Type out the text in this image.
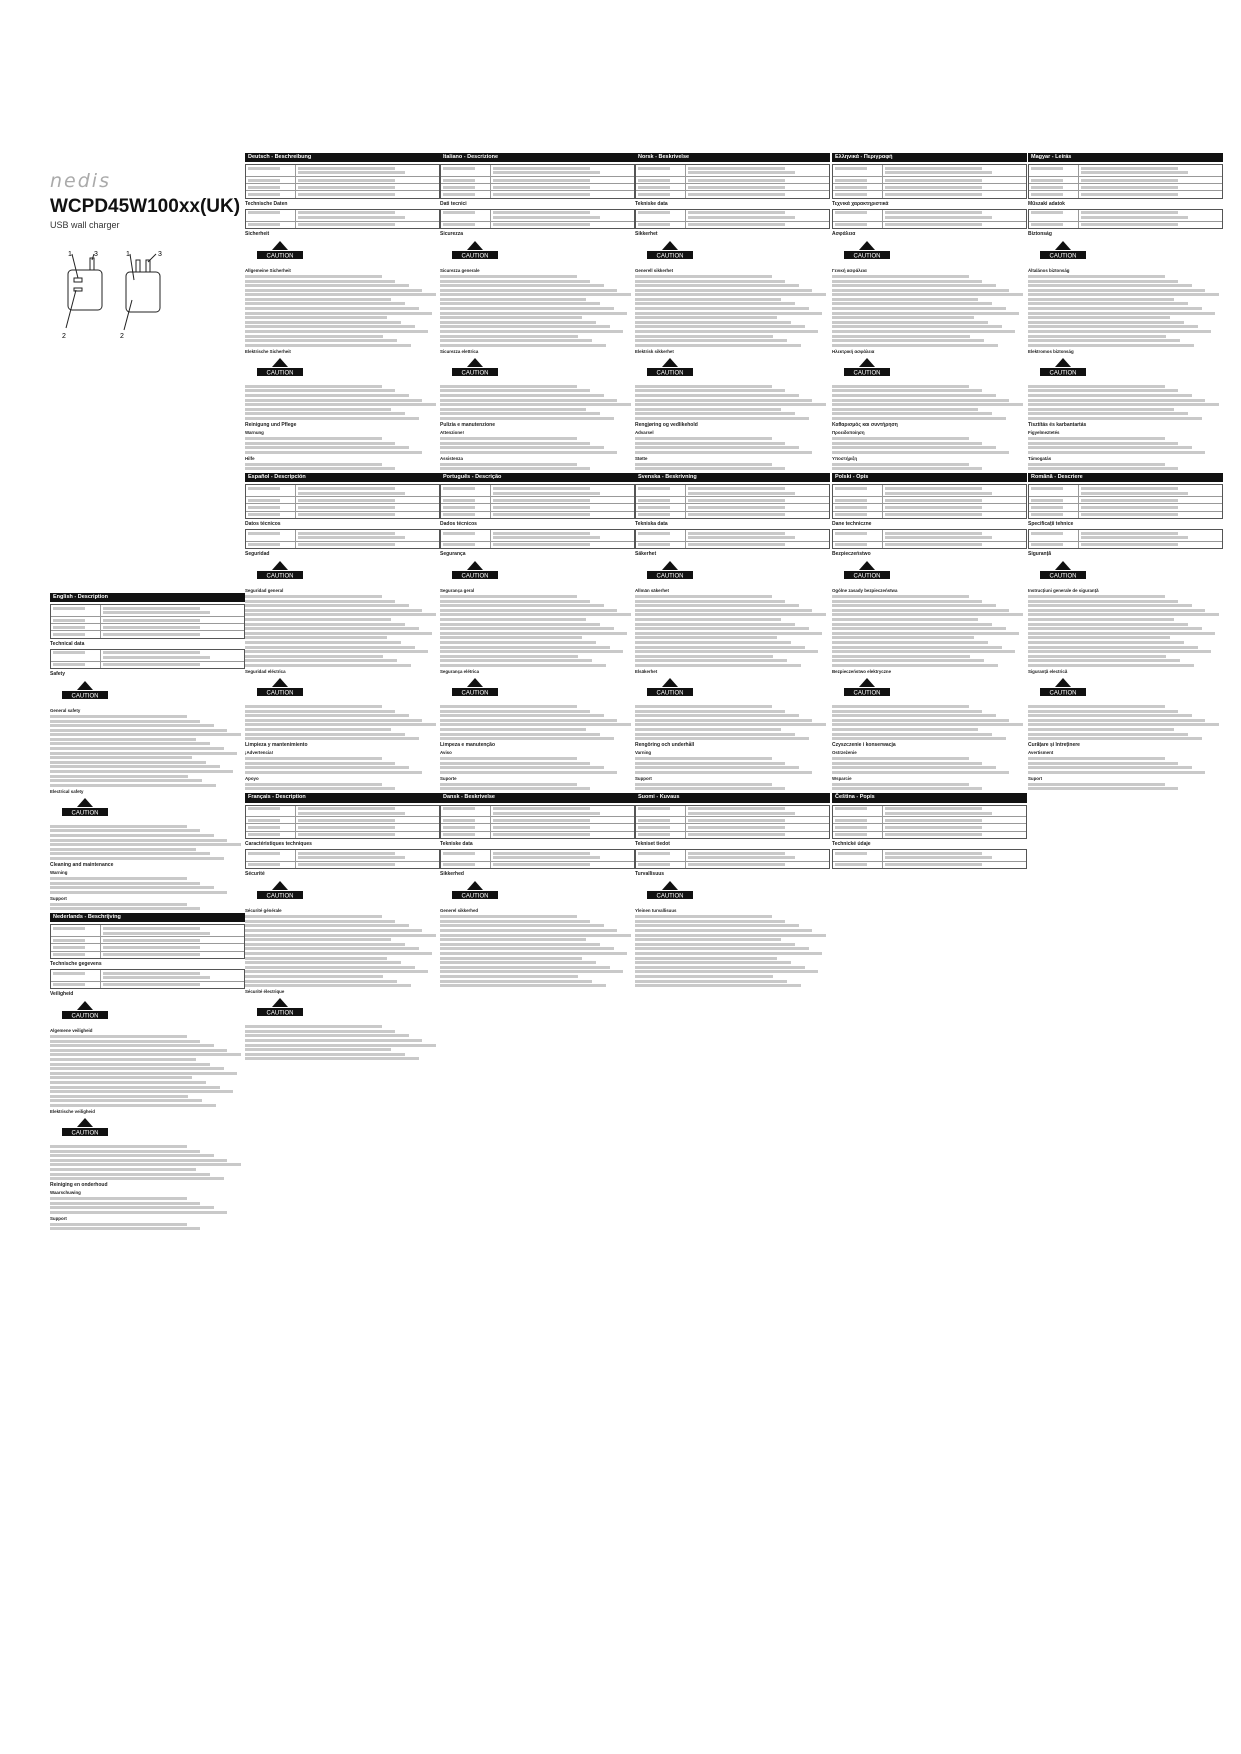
nedis
WCPD45W100xx(UK)
USB wall charger
1
2
3	1
2
3
English - Description
Technical data
Safety
CAUTION
General safety
Electrical safety
CAUTION
Cleaning and maintenance
Warning
Support
Nederlands - Beschrijving
Technische gegevens
Veiligheid
CAUTION
Algemene veiligheid
Elektrische veiligheid
CAUTION
Reiniging en onderhoud
Waarschuwing
Support
Deutsch - Beschreibung
Technische Daten
Sicherheit
CAUTION
Allgemeine Sicherheit
Elektrische Sicherheit
CAUTION
Reinigung und Pflege
Warnung
Hilfe
Español - Descripción
Datos técnicos
Seguridad
CAUTION
Seguridad general
Seguridad eléctrica
CAUTION
Limpieza y mantenimiento
¡Advertencia!
Apoyo
Français - Description
Caractéristiques techniques
Sécurité
CAUTION
Sécurité générale
Sécurité électrique
CAUTION
Italiano - Descrizione
Dati tecnici
Sicurezza
CAUTION
Sicurezza generale
Sicurezza elettrica
CAUTION
Pulizia e manutenzione
Attenzione!
Assistenza
Português - Descrição
Dados técnicos
Segurança
CAUTION
Segurança geral
Segurança elétrica
CAUTION
Limpeza e manutenção
Aviso
Suporte
Dansk - Beskrivelse
Tekniske data
Sikkerhed
CAUTION
Generel sikkerhed
Norsk - Beskrivelse
Tekniske data
Sikkerhet
CAUTION
Generell sikkerhet
Elektrisk sikkerhet
CAUTION
Rengjøring og vedlikehold
Advarsel
Støtte
Svenska - Beskrivning
Tekniska data
Säkerhet
CAUTION
Allmän säkerhet
Elsäkerhet
CAUTION
Rengöring och underhåll
Varning
Support
Suomi - Kuvaus
Tekniset tiedot
Turvallisuus
CAUTION
Yleinen turvallisuus
Ελληνικά - Περιγραφή
Τεχνικά χαρακτηριστικά
Ασφάλεια
CAUTION
Γενική ασφάλεια
Ηλεκτρική ασφάλεια
CAUTION
Καθαρισμός και συντήρηση
Προειδοποίηση
Υποστήριξη
Polski - Opis
Dane techniczne
Bezpieczeństwo
CAUTION
Ogólne zasady bezpieczeństwa
Bezpieczeństwo elektryczne
CAUTION
Czyszczenie i konserwacja
Ostrzeżenie
Wsparcie
Čeština - Popis
Technické údaje
Magyar - Leírás
Műszaki adatok
Biztonság
CAUTION
Általános biztonság
Elektromos biztonság
CAUTION
Tisztítás és karbantartás
Figyelmeztetés
Támogatás
Română - Descriere
Specificații tehnice
Siguranță
CAUTION
Instrucțiuni generale de siguranță
Siguranță electrică
CAUTION
Curățare și întreținere
Avertisment
Suport
